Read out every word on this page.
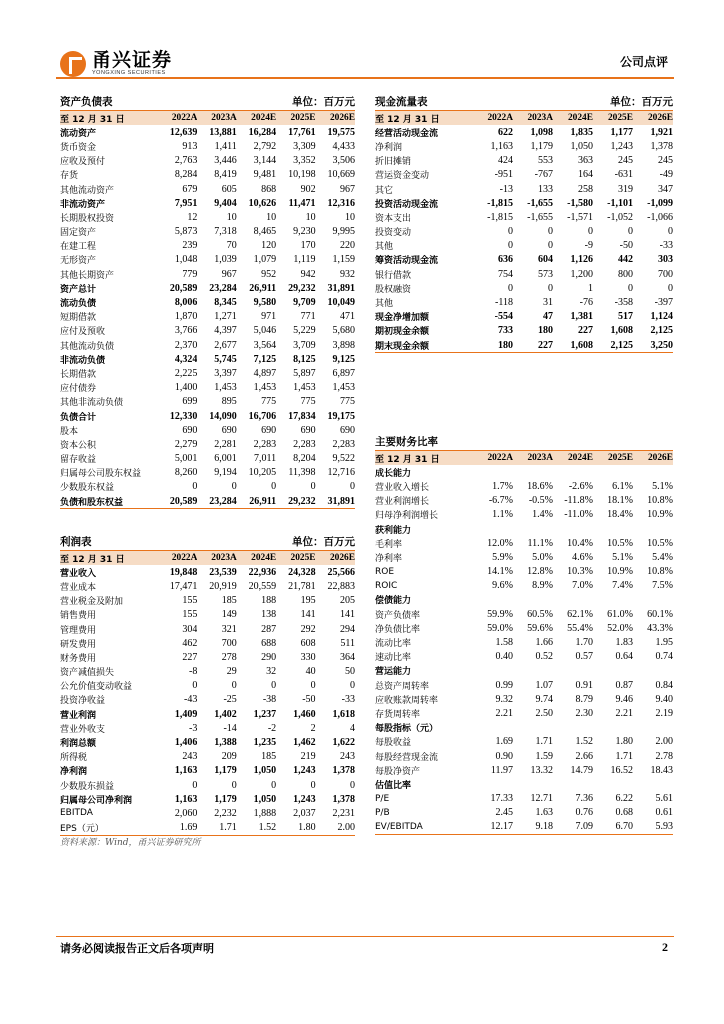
甬兴证券
YONGXING SECURITIES
公司点评
资产负债表	单位：百万元
至 12 月 31 日	2022A	2023A	2024E	2025E	2026E
流动资产	12,639	13,881	16,284	17,761	19,575
货币资金	913	1,411	2,792	3,309	4,433
应收及预付	2,763	3,446	3,144	3,352	3,506
存货	8,284	8,419	9,481	10,198	10,669
其他流动资产	679	605	868	902	967
非流动资产	7,951	9,404	10,626	11,471	12,316
长期股权投资	12	10	10	10	10
固定资产	5,873	7,318	8,465	9,230	9,995
在建工程	239	70	120	170	220
无形资产	1,048	1,039	1,079	1,119	1,159
其他长期资产	779	967	952	942	932
资产总计	20,589	23,284	26,911	29,232	31,891
流动负债	8,006	8,345	9,580	9,709	10,049
短期借款	1,870	1,271	971	771	471
应付及预收	3,766	4,397	5,046	5,229	5,680
其他流动负债	2,370	2,677	3,564	3,709	3,898
非流动负债	4,324	5,745	7,125	8,125	9,125
长期借款	2,225	3,397	4,897	5,897	6,897
应付债券	1,400	1,453	1,453	1,453	1,453
其他非流动负债	699	895	775	775	775
负债合计	12,330	14,090	16,706	17,834	19,175
股本	690	690	690	690	690
资本公积	2,279	2,281	2,283	2,283	2,283
留存收益	5,001	6,001	7,011	8,204	9,522
归属母公司股东权益	8,260	9,194	10,205	11,398	12,716
少数股东权益	0	0	0	0	0
负债和股东权益	20,589	23,284	26,911	29,232	31,891
利润表	单位：百万元
至 12 月 31 日	2022A	2023A	2024E	2025E	2026E
营业收入	19,848	23,539	22,936	24,328	25,566
营业成本	17,471	20,919	20,559	21,781	22,883
营业税金及附加	155	185	188	195	205
销售费用	155	149	138	141	141
管理费用	304	321	287	292	294
研发费用	462	700	688	608	511
财务费用	227	278	290	330	364
资产减值损失	-8	29	32	40	50
公允价值变动收益	0	0	0	0	0
投资净收益	-43	-25	-38	-50	-33
营业利润	1,409	1,402	1,237	1,460	1,618
营业外收支	-3	-14	-2	2	4
利润总额	1,406	1,388	1,235	1,462	1,622
所得税	243	209	185	219	243
净利润	1,163	1,179	1,050	1,243	1,378
少数股东损益	0	0	0	0	0
归属母公司净利润	1,163	1,179	1,050	1,243	1,378
EBITDA	2,060	2,232	1,888	2,037	2,231
EPS（元）	1.69	1.71	1.52	1.80	2.00
现金流量表	单位：百万元
至 12 月 31 日	2022A	2023A	2024E	2025E	2026E
经营活动现金流	622	1,098	1,835	1,177	1,921
净利润	1,163	1,179	1,050	1,243	1,378
折旧摊销	424	553	363	245	245
营运资金变动	-951	-767	164	-631	-49
其它	-13	133	258	319	347
投资活动现金流	-1,815	-1,655	-1,580	-1,101	-1,099
资本支出	-1,815	-1,655	-1,571	-1,052	-1,066
投资变动	0	0	0	0	0
其他	0	0	-9	-50	-33
筹资活动现金流	636	604	1,126	442	303
银行借款	754	573	1,200	800	700
股权融资	0	0	1	0	0
其他	-118	31	-76	-358	-397
现金净增加额	-554	47	1,381	517	1,124
期初现金余额	733	180	227	1,608	2,125
期末现金余额	180	227	1,608	2,125	3,250
主要财务比率
至 12 月 31 日	2022A	2023A	2024E	2025E	2026E
成长能力					
营业收入增长	1.7%	18.6%	-2.6%	6.1%	5.1%
营业利润增长	-6.7%	-0.5%	-11.8%	18.1%	10.8%
归母净利润增长	1.1%	1.4%	-11.0%	18.4%	10.9%
获利能力					
毛利率	12.0%	11.1%	10.4%	10.5%	10.5%
净利率	5.9%	5.0%	4.6%	5.1%	5.4%
ROE	14.1%	12.8%	10.3%	10.9%	10.8%
ROIC	9.6%	8.9%	7.0%	7.4%	7.5%
偿债能力					
资产负债率	59.9%	60.5%	62.1%	61.0%	60.1%
净负债比率	59.0%	59.6%	55.4%	52.0%	43.3%
流动比率	1.58	1.66	1.70	1.83	1.95
速动比率	0.40	0.52	0.57	0.64	0.74
营运能力					
总资产周转率	0.99	1.07	0.91	0.87	0.84
应收账款周转率	9.32	9.74	8.79	9.46	9.40
存货周转率	2.21	2.50	2.30	2.21	2.19
每股指标（元）					
每股收益	1.69	1.71	1.52	1.80	2.00
每股经营现金流	0.90	1.59	2.66	1.71	2.78
每股净资产	11.97	13.32	14.79	16.52	18.43
估值比率					
P/E	17.33	12.71	7.36	6.22	5.61
P/B	2.45	1.63	0.76	0.68	0.61
EV/EBITDA	12.17	9.18	7.09	6.70	5.93
资料来源：Wind，甬兴证券研究所
请务必阅读报告正文后各项声明	2
